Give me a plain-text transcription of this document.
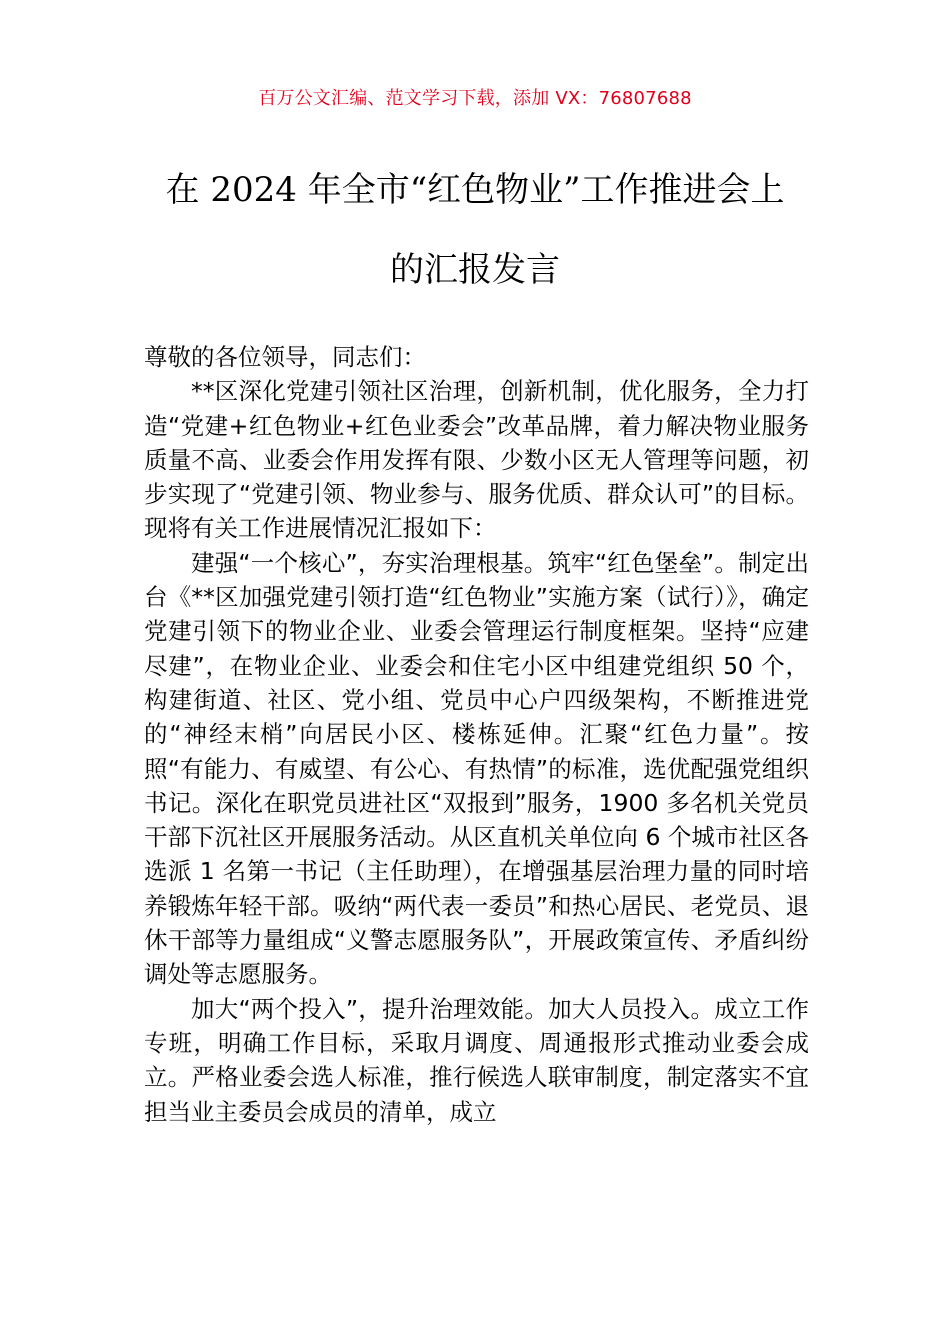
百万公文汇编、范文学习下载，添加 VX：76807688
在 2024 年全市“红色物业”工作推进会上
的汇报发言

尊敬的各位领导，同志们：

**区深化党建引领社区治理，创新机制，优化服务，全力打造“党建+红色物业+红色业委会”改革品牌，着力解决物业服务质量不高、业委会作用发挥有限、少数小区无人管理等问题，初步实现了“党建引领、物业参与、服务优质、群众认可”的目标。现将有关工作进展情况汇报如下：

建强“一个核心”，夯实治理根基。筑牢“红色堡垒”。制定出台《**区加强党建引领打造“红色物业”实施方案（试行）》，确定党建引领下的物业企业、业委会管理运行制度框架。坚持“应建尽建”，在物业企业、业委会和住宅小区中组建党组织 50 个，构建街道、社区、党小组、党员中心户四级架构，不断推进党的“神经末梢”向居民小区、楼栋延伸。汇聚“红色力量”。按照“有能力、有威望、有公心、有热情”的标准，选优配强党组织书记。深化在职党员进社区“双报到”服务，1900 多名机关党员干部下沉社区开展服务活动。从区直机关单位向 6 个城市社区各选派 1 名第一书记（主任助理），在增强基层治理力量的同时培养锻炼年轻干部。吸纳“两代表一委员”和热心居民、老党员、退休干部等力量组成“义警志愿服务队”，开展政策宣传、矛盾纠纷调处等志愿服务。

加大“两个投入”，提升治理效能。加大人员投入。成立工作专班，明确工作目标，采取月调度、周通报形式推动业委会成立。严格业委会选人标准，推行候选人联审制度，制定落实不宜担当业主委员会成员的清单，成立
